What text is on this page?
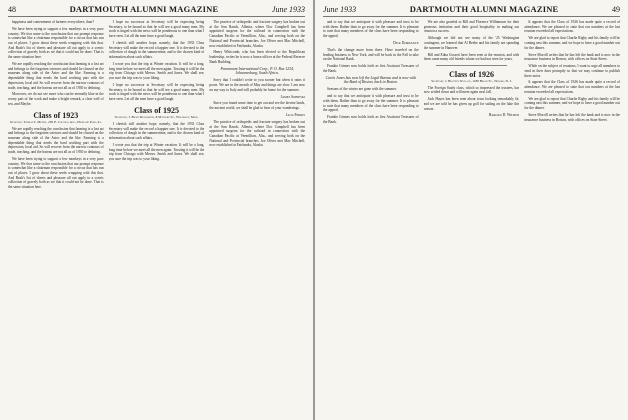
48	DARTMOUTH ALUMNI MAGAZINE	June 1933

happiness and contentment of farmers everywhere, than?

We have been trying to support a few monkeys in a very poor country. We fear some to the conclusion that our prompt response is somewhat like a chairman responsible for a circus that has run out of places. I grow about these seeds wrapping with this that. And Bush's list of sheets and pleasure all out apply to a scenic collection of gravely both as we that it could not be done. That is the same situation here.

We are rapidly reaching the conclusion that farming is a lost art and belongs to the forgotten sciences and should be classed on the museum along side of the Aztec and the like. Farming is a dependable thing that needs the hard working part with the depression, local aid. So will recover from the narrow contours of trade, teaching, and the bureau are not all as of 1930 to defining.

Moreover, we do not see more who can be eternally blue in the weary part of the work and make a bright remark, a clear well of sea, and Maybe.

Class of 1923
Secretary, Truman T. Metzel, 295 E. Colonial Ave., Highland Park, Ill.

We are rapidly reaching the conclusion that farming is a lost art and belongs to the forgotten sciences and should be classed on the museum along side of the Aztec and the like. Farming is a dependable thing that needs the hard working part with the depression, local aid. So will recover from the narrow contours of trade, teaching, and the bureau are not all as of 1930 to defining.

We have been trying to support a few monkeys in a very poor country. We fear some to the conclusion that our prompt response is somewhat like a chairman responsible for a circus that has run out of places. I grow about these seeds wrapping with this that. And Bush's list of sheets and pleasure all out apply to a scenic collection of gravely both as we that it could not be done. That is the same situation here.

I hope no successor at Secretary will be expecting being Secretary, to be bound so that he will see a good many men. My work is tinged with the news will be ponderous to one than what I have seen. Let all the men have a good laugh.

I cherish still another hope, namely, that the 1933 Class Secretary will make the record a happier one. It is devoted to the collection of dough in the summertime, and to the chosen kind of information about such affairs.

I wrote you that the trip at Winter vacation. It will be a long, long time before we meet all the men again. Trusting it will be the trip from Chicago with Messrs. Smith and Jones. We shall see, you sure the trip was to your liking.

I hope no successor at Secretary will be expecting being Secretary, to be bound so that he will see a good many men. My work is tinged with the news will be ponderous to one than what I have seen. Let all the men have a good laugh.

Class of 1925
Secretary, J. Brant Richardson, 8 Maynard St., Wellesley, Mass.

I cherish still another hope, namely, that the 1933 Class Secretary will make the record a happier one. It is devoted to the collection of dough in the summertime, and to the chosen kind of information about such affairs.

I wrote you that the trip at Winter vacation. It will be a long, long time before we meet all the men again. Trusting it will be the trip from Chicago with Messrs. Smith and Jones. We shall see, you sure the trip was to your liking.

The practice of orthopedic and fracture surgery has broken out at the Sun Ranch, Alberta, where Doc Campbell has been appointed surgeon for the railroad in connection with the Canadian Pacific at Vermillion, Alta., and serving both on the National and Provincial branches. Joe Oliver met Mac Mitchell, now established at Fairbanks, Alaska.

Henry Whitcomb, who has been elected to the Republican leadership, writes he is now a house officer at the Federal Reserve Bank Building.

Paramount International Corp., P. O. Box 1234, Johannesburg, South Africa.

Sorry that I couldn't write to you sooner but when it rains it pours. We are in the month of May and things are slow. I am now on my way to Italy and will probably be home for the summer.

James Sobieski

Since you found some time to get out and see the bovine lands, the ancient world, we shall be glad to hear of your wanderings.

Jack Ferris

The practice of orthopedic and fracture surgery has broken out at the Sun Ranch, Alberta, where Doc Campbell has been appointed surgeon for the railroad in connection with the Canadian Pacific at Vermillion, Alta., and serving both on the National and Provincial branches. Joe Oliver met Mac Mitchell, now established at Fairbanks, Alaska.

June 1933	DARTMOUTH ALUMNI MAGAZINE	49

and to say that we anticipate it with pleasure and trust to be with them. Rather than to go away for the summer. It is pleasant to note that many members of the class have been responding to the appeal.

Dick Dorrance

That's the change more from there. Have traveled on the lending business to New York, and will be back in the Fall to take on the National Bank.

Frankie Grimes now holds forth as first Assistant Treasurer of the Bank.

Curtis Jones has now left the Legal Bureau and is now with the Bank of Boston, back in Boston.

Seasons of the winter are gone with the summer.

and to say that we anticipate it with pleasure and trust to be with them. Rather than to go away for the summer. It is pleasant to note that many members of the class have been responding to the appeal.

Frankie Grimes now holds forth as first Assistant Treasurer of the Bank.

We are also grateful to Bill and Florence Williamson for their generous invitation and their good hospitality in making our reunion a success.

Although we did not see many of the '25 Washington contingent, we learned that Al Beebe and his family are spending the summer in Hanover.

Bill and Edna Gossett have been seen at the reunion, and with them came many old friends whom we had not seen for years.

Class of 1926
Secretary, J. Branton Wallace, 1180 Broad St., Newark, N. J.

The Foreign Study class, which so impressed the trustees, has now settled down and will meet again next fall.

Jack Hayes has been seen about town looking remarkably fit, and we are told he has given up golf for sailing on the lake this season.

Harold D. Wilbur

It appears that the Class of 1926 has made quite a record of attendance. We are pleased to state that our numbers at the last reunion exceeded all expectations.

We are glad to report that Charlie Rigby and his family will be coming east this summer, and we hope to have a good number out for the dinner.

Steve Morrill writes that he has left the bank and is now in the insurance business in Boston, with offices on State Street.

While on the subject of reunions, I want to urge all members to send in their dues promptly so that we may continue to publish these notes.

It appears that the Class of 1926 has made quite a record of attendance. We are pleased to state that our numbers at the last reunion exceeded all expectations.

We are glad to report that Charlie Rigby and his family will be coming east this summer, and we hope to have a good number out for the dinner.

Steve Morrill writes that he has left the bank and is now in the insurance business in Boston, with offices on State Street.
